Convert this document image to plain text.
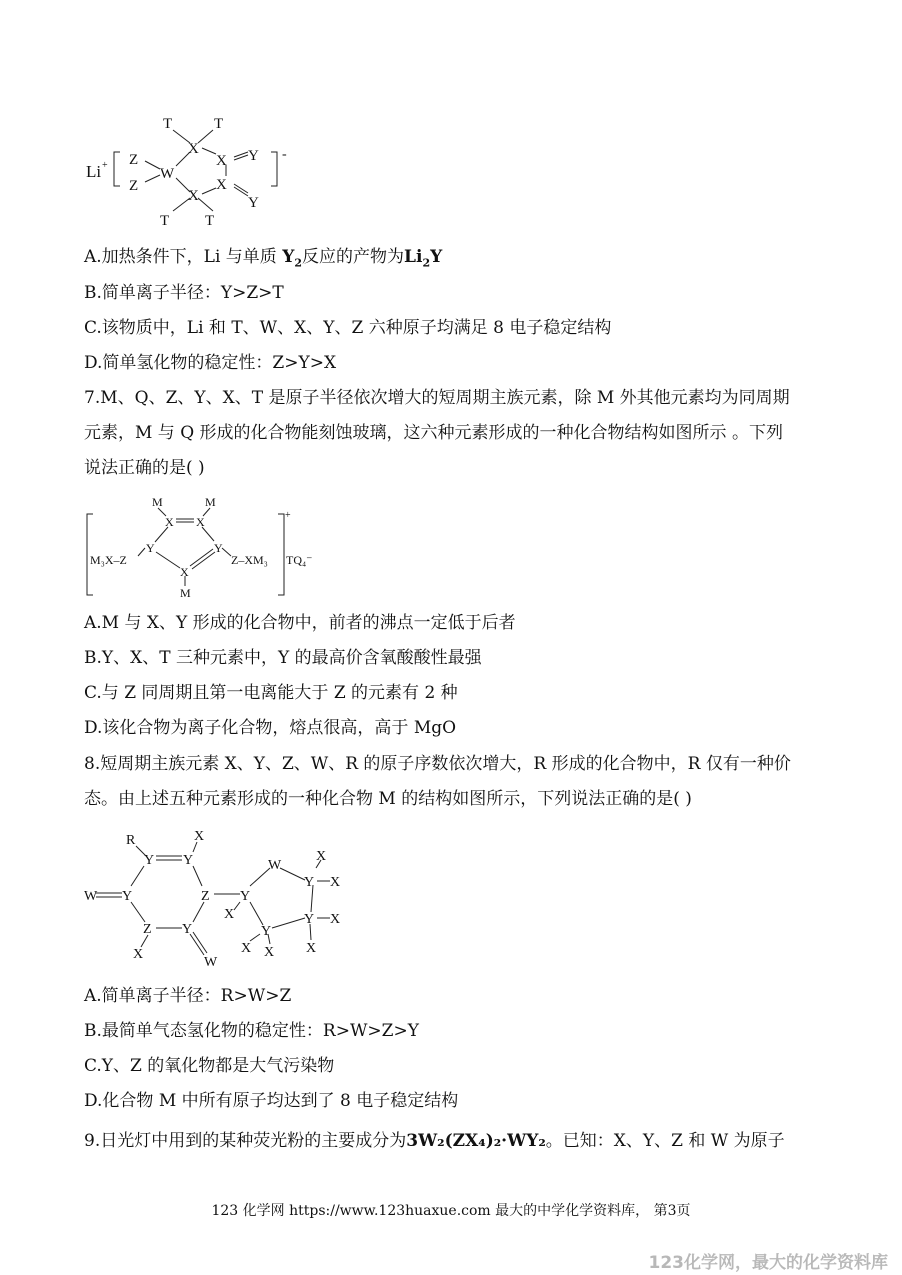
Li +
-
Z
Z
W
X
X
X
X
Y
Y
T	T
T T
M	M
X X
Y	Y
X
M
M₃X–Z	Z–XM₃
+
TQ₄⁻
R	X
Y Y
W Y	Z
Z Y
X
W
Y
X
W
Y
X
X
Y X
X
Y
X X
A.加热条件下，Li 与单质 $Y_2$反应的产物为$Li_2Y$
B.简单离子半径：Y>Z>T
C.该物质中，Li 和 T、W、X、Y、Z 六种原子均满足 8 电子稳定结构
D.简单氢化物的稳定性：Z>Y>X
7.M、Q、Z、Y、X、T 是原子半径依次增大的短周期主族元素，除 M 外其他元素均为同周期
元素，M 与 Q 形成的化合物能刻蚀玻璃，这六种元素形成的一种化合物结构如图所示 。下列
说法正确的是( )
A.M 与 X、Y 形成的化合物中，前者的沸点一定低于后者
B.Y、X、T 三种元素中，Y 的最高价含氧酸酸性最强
C.与 Z 同周期且第一电离能大于 Z 的元素有 2 种
D.该化合物为离子化合物，熔点很高，高于 MgO
8.短周期主族元素 X、Y、Z、W、R 的原子序数依次增大，R 形成的化合物中，R 仅有一种价
态。由上述五种元素形成的一种化合物 M 的结构如图所示，下列说法正确的是( )
A.简单离子半径：R>W>Z
B.最简单气态氢化物的稳定性：R>W>Z>Y
C.Y、Z 的氧化物都是大气污染物
D.化合物 M 中所有原子均达到了 8 电子稳定结构
9.日光灯中用到的某种荧光粉的主要成分为3W₂(ZX₄)₂·WY₂。已知：X、Y、Z 和 W 为原子
123 化学网 https://www.123huaxue.com 最大的中学化学资料库， 第3页
123化学网，最大的化学资料库
